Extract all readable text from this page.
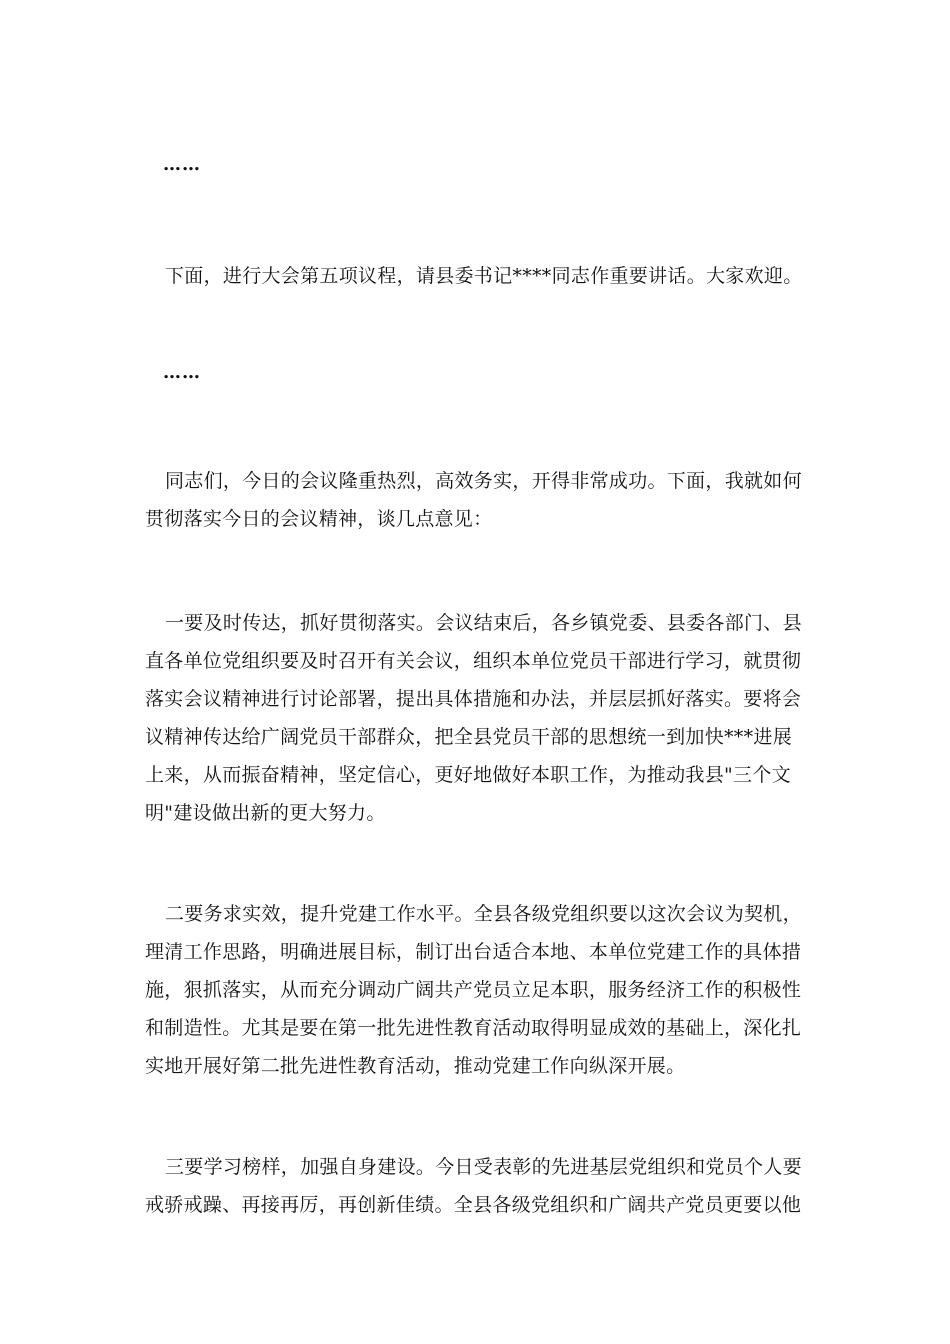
……

下面，进行大会第五项议程，请县委书记****同志作重要讲话。大家欢迎。

……

同志们，今日的会议隆重热烈，高效务实，开得非常成功。下面，我就如何贯彻落实今日的会议精神，谈几点意见：

一要及时传达，抓好贯彻落实。会议结束后，各乡镇党委、县委各部门、县直各单位党组织要及时召开有关会议，组织本单位党员干部进行学习，就贯彻落实会议精神进行讨论部署，提出具体措施和办法，并层层抓好落实。要将会议精神传达给广阔党员干部群众，把全县党员干部的思想统一到加快***进展上来，从而振奋精神，坚定信心，更好地做好本职工作，为推动我县"三个文明"建设做出新的更大努力。

二要务求实效，提升党建工作水平。全县各级党组织要以这次会议为契机，理清工作思路，明确进展目标，制订出台适合本地、本单位党建工作的具体措施，狠抓落实，从而充分调动广阔共产党员立足本职，服务经济工作的积极性和制造性。尤其是要在第一批先进性教育活动取得明显成效的基础上，深化扎实地开展好第二批先进性教育活动，推动党建工作向纵深开展。

三要学习榜样，加强自身建设。今日受表彰的先进基层党组织和党员个人要戒骄戒躁、再接再厉，再创新佳绩。全县各级党组织和广阔共产党员更要以他
